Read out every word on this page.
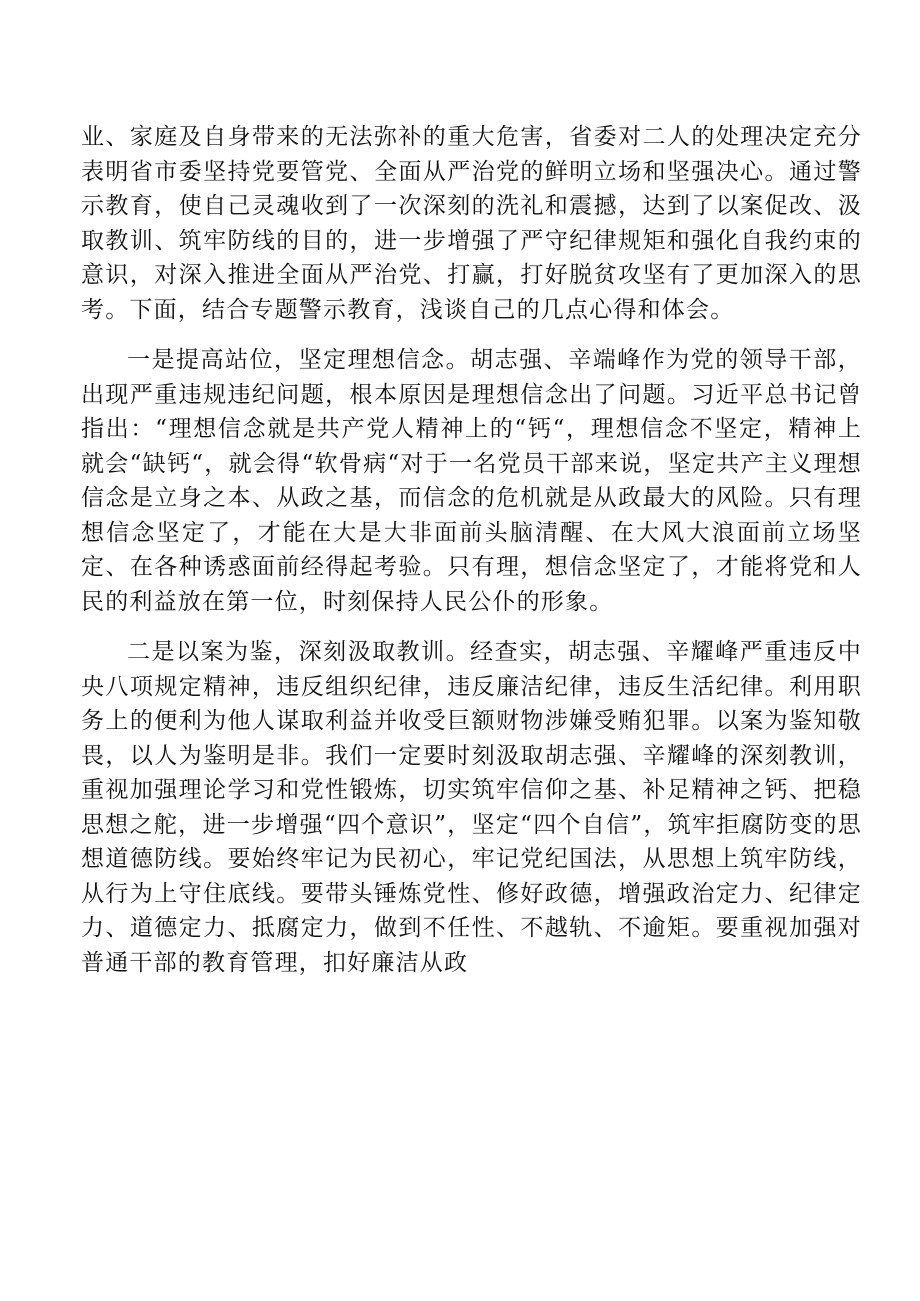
业、家庭及自身带来的无法弥补的重大危害，省委对二人的处理决定充分表明省市委坚持党要管党、全面从严治党的鲜明立场和坚强决心。通过警示教育，使自己灵魂收到了一次深刻的洗礼和震撼，达到了以案促改、汲取教训、筑牢防线的目的，进一步增强了严守纪律规矩和强化自我约束的意识，对深入推进全面从严治党、打赢，打好脱贫攻坚有了更加深入的思考。下面，结合专题警示教育，浅谈自己的几点心得和体会。

一是提高站位，坚定理想信念。胡志强、辛端峰作为党的领导干部，出现严重违规违纪问题，根本原因是理想信念出了问题。习近平总书记曾指出：“理想信念就是共产党人精神上的“钙“，理想信念不坚定，精神上就会“缺钙“，就会得“软骨病“对于一名党员干部来说，坚定共产主义理想信念是立身之本、从政之基，而信念的危机就是从政最大的风险。只有理想信念坚定了，才能在大是大非面前头脑清醒、在大风大浪面前立场坚定、在各种诱惑面前经得起考验。只有理，想信念坚定了，才能将党和人民的利益放在第一位，时刻保持人民公仆的形象。

二是以案为鉴，深刻汲取教训。经查实，胡志强、辛耀峰严重违反中央八项规定精神，违反组织纪律，违反廉洁纪律，违反生活纪律。利用职务上的便利为他人谋取利益并收受巨额财物涉嫌受贿犯罪。以案为鉴知敬畏，以人为鉴明是非。我们一定要时刻汲取胡志强、辛耀峰的深刻教训，重视加强理论学习和党性锻炼，切实筑牢信仰之基、补足精神之钙、把稳思想之舵，进一步增强“四个意识”，坚定“四个自信”，筑牢拒腐防变的思想道德防线。要始终牢记为民初心，牢记党纪国法，从思想上筑牢防线，从行为上守住底线。要带头锤炼党性、修好政德，增强政治定力、纪律定力、道德定力、抵腐定力，做到不任性、不越轨、不逾矩。要重视加强对普通干部的教育管理，扣好廉洁从政
